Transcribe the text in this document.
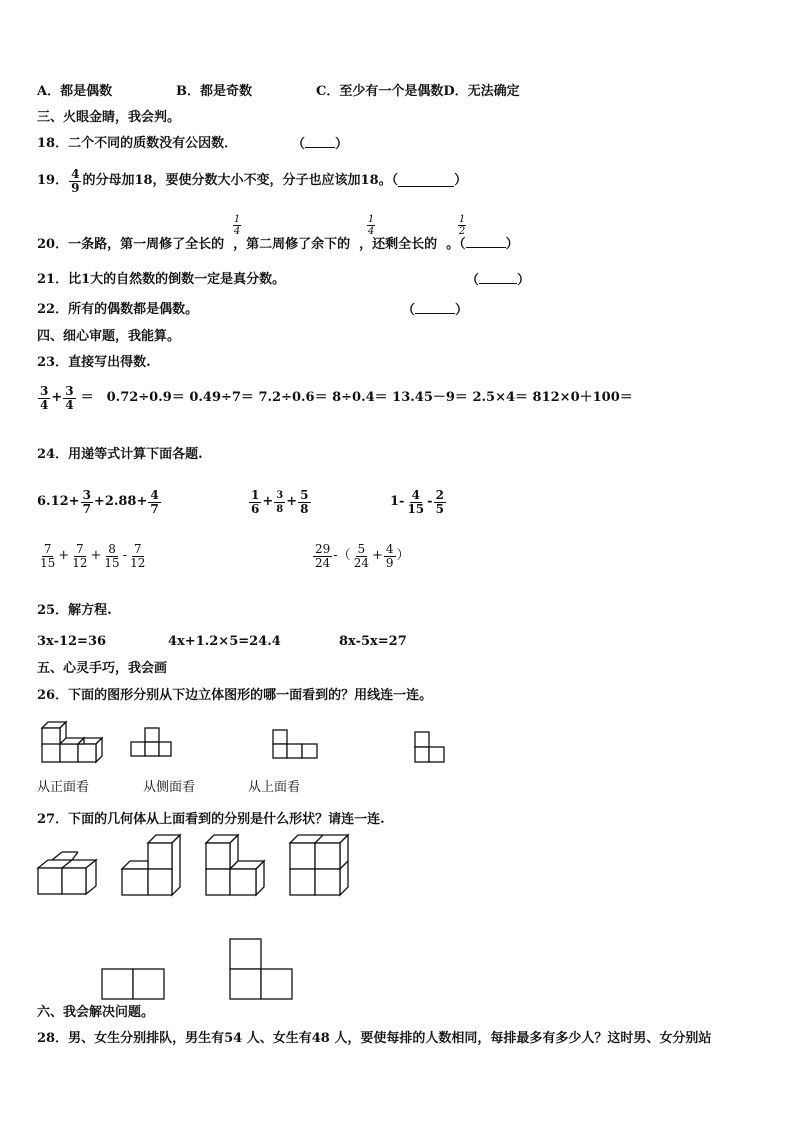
A．都是偶数	B．都是奇数	C．至少有一个是偶数D．无法确定
三、火眼金睛，我会判。
18．二个不同的质数没有公因数．	（ ）
19． $\frac{4}{9}$ 的分母加18，要使分数大小不变，分子也应该加18。（	）
20．一条路，第一周修了全长的 ，第二周修了余下的 ，还剩全长的 。（	）
$\frac{1}{4}$	$\frac{1}{4}$	$\frac{1}{2}$
21．比1大的自然数的倒数一定是真分数。	（	）
22．所有的偶数都是偶数。	（	）
四、细心审题，我能算。
23．直接写出得数.
$\frac{3}{4} + \frac{3}{4}$ ＝　0.72÷0.9＝ 0.49÷7＝ 7.2÷0.6＝ 8÷0.4＝ 13.45－9＝ 2.5×4＝ 812×0＋100＝
24．用递等式计算下面各题.
$6.12+ \frac{3}{7} +2.88+ \frac{4}{7}$	$\frac{1}{6} + \frac{3}{8} + \frac{5}{8}$	$1- \frac{4}{15} - \frac{2}{5}$
$\frac{7}{15} + \frac{7}{12} + \frac{8}{15} - \frac{7}{12}$	$\frac{29}{24}$ -（ $\frac{5}{24} + \frac{4}{9}$ ）
25．解方程.
3x-12=36	4x+1.2×5=24.4	8x-5x=27
五、心灵手巧，我会画
26．下面的图形分别从下边立体图形的哪一面看到的？用线连一连。
从正面看	从侧面看	从上面看
27．下面的几何体从上面看到的分别是什么形状？请连一连.
六、我会解决问题。
28．男、女生分别排队，男生有54 人、女生有48 人，要使每排的人数相同，每排最多有多少人？这时男、女分别站
